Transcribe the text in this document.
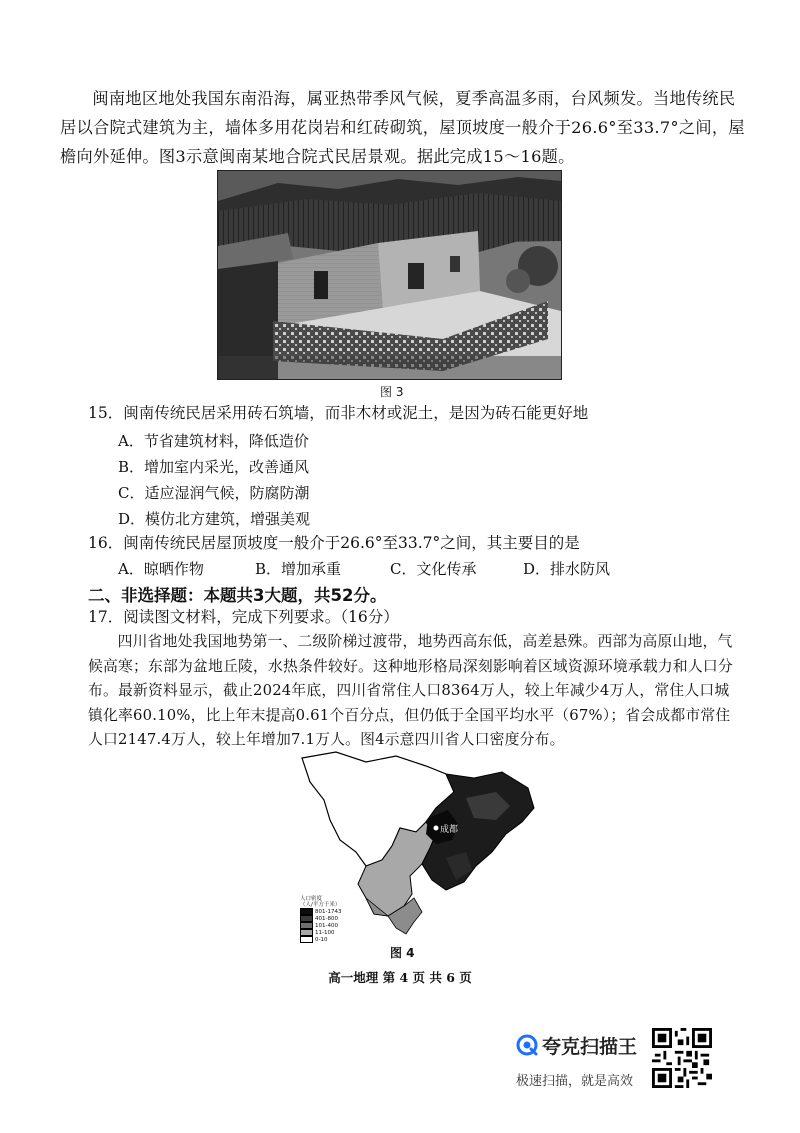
闽南地区地处我国东南沿海，属亚热带季风气候，夏季高温多雨，台风频发。当地传统民居以合院式建筑为主，墙体多用花岗岩和红砖砌筑，屋顶坡度一般介于26.6°至33.7°之间，屋檐向外延伸。图3示意闽南某地合院式民居景观。据此完成15～16题。
图 3
15．闽南传统民居采用砖石筑墙，而非木材或泥土，是因为砖石能更好地
A．节省建筑材料，降低造价
B．增加室内采光，改善通风
C．适应湿润气候，防腐防潮
D．模仿北方建筑，增强美观
16．闽南传统民居屋顶坡度一般介于26.6°至33.7°之间，其主要目的是
A．晾晒作物	B．增加承重	C．文化传承	D．排水防风
二、非选择题：本题共3大题，共52分。
17．阅读图文材料，完成下列要求。（16分）
四川省地处我国地势第一、二级阶梯过渡带，地势西高东低，高差悬殊。西部为高原山地，气候高寒；东部为盆地丘陵，水热条件较好。这种地形格局深刻影响着区域资源环境承载力和人口分布。最新资料显示，截止2024年底，四川省常住人口8364万人，较上年减少4万人，常住人口城镇化率60.10%，比上年末提高0.61个百分点，但仍低于全国平均水平（67%）；省会成都市常住人口2147.4万人，较上年增加7.1万人。图4示意四川省人口密度分布。
成都
人口密度
（人/平方千米）
801-1743
401-800
101-400
11-100
0-10
图 4
高一地理 第 4 页 共 6 页
夸克扫描王
极速扫描，就是高效
